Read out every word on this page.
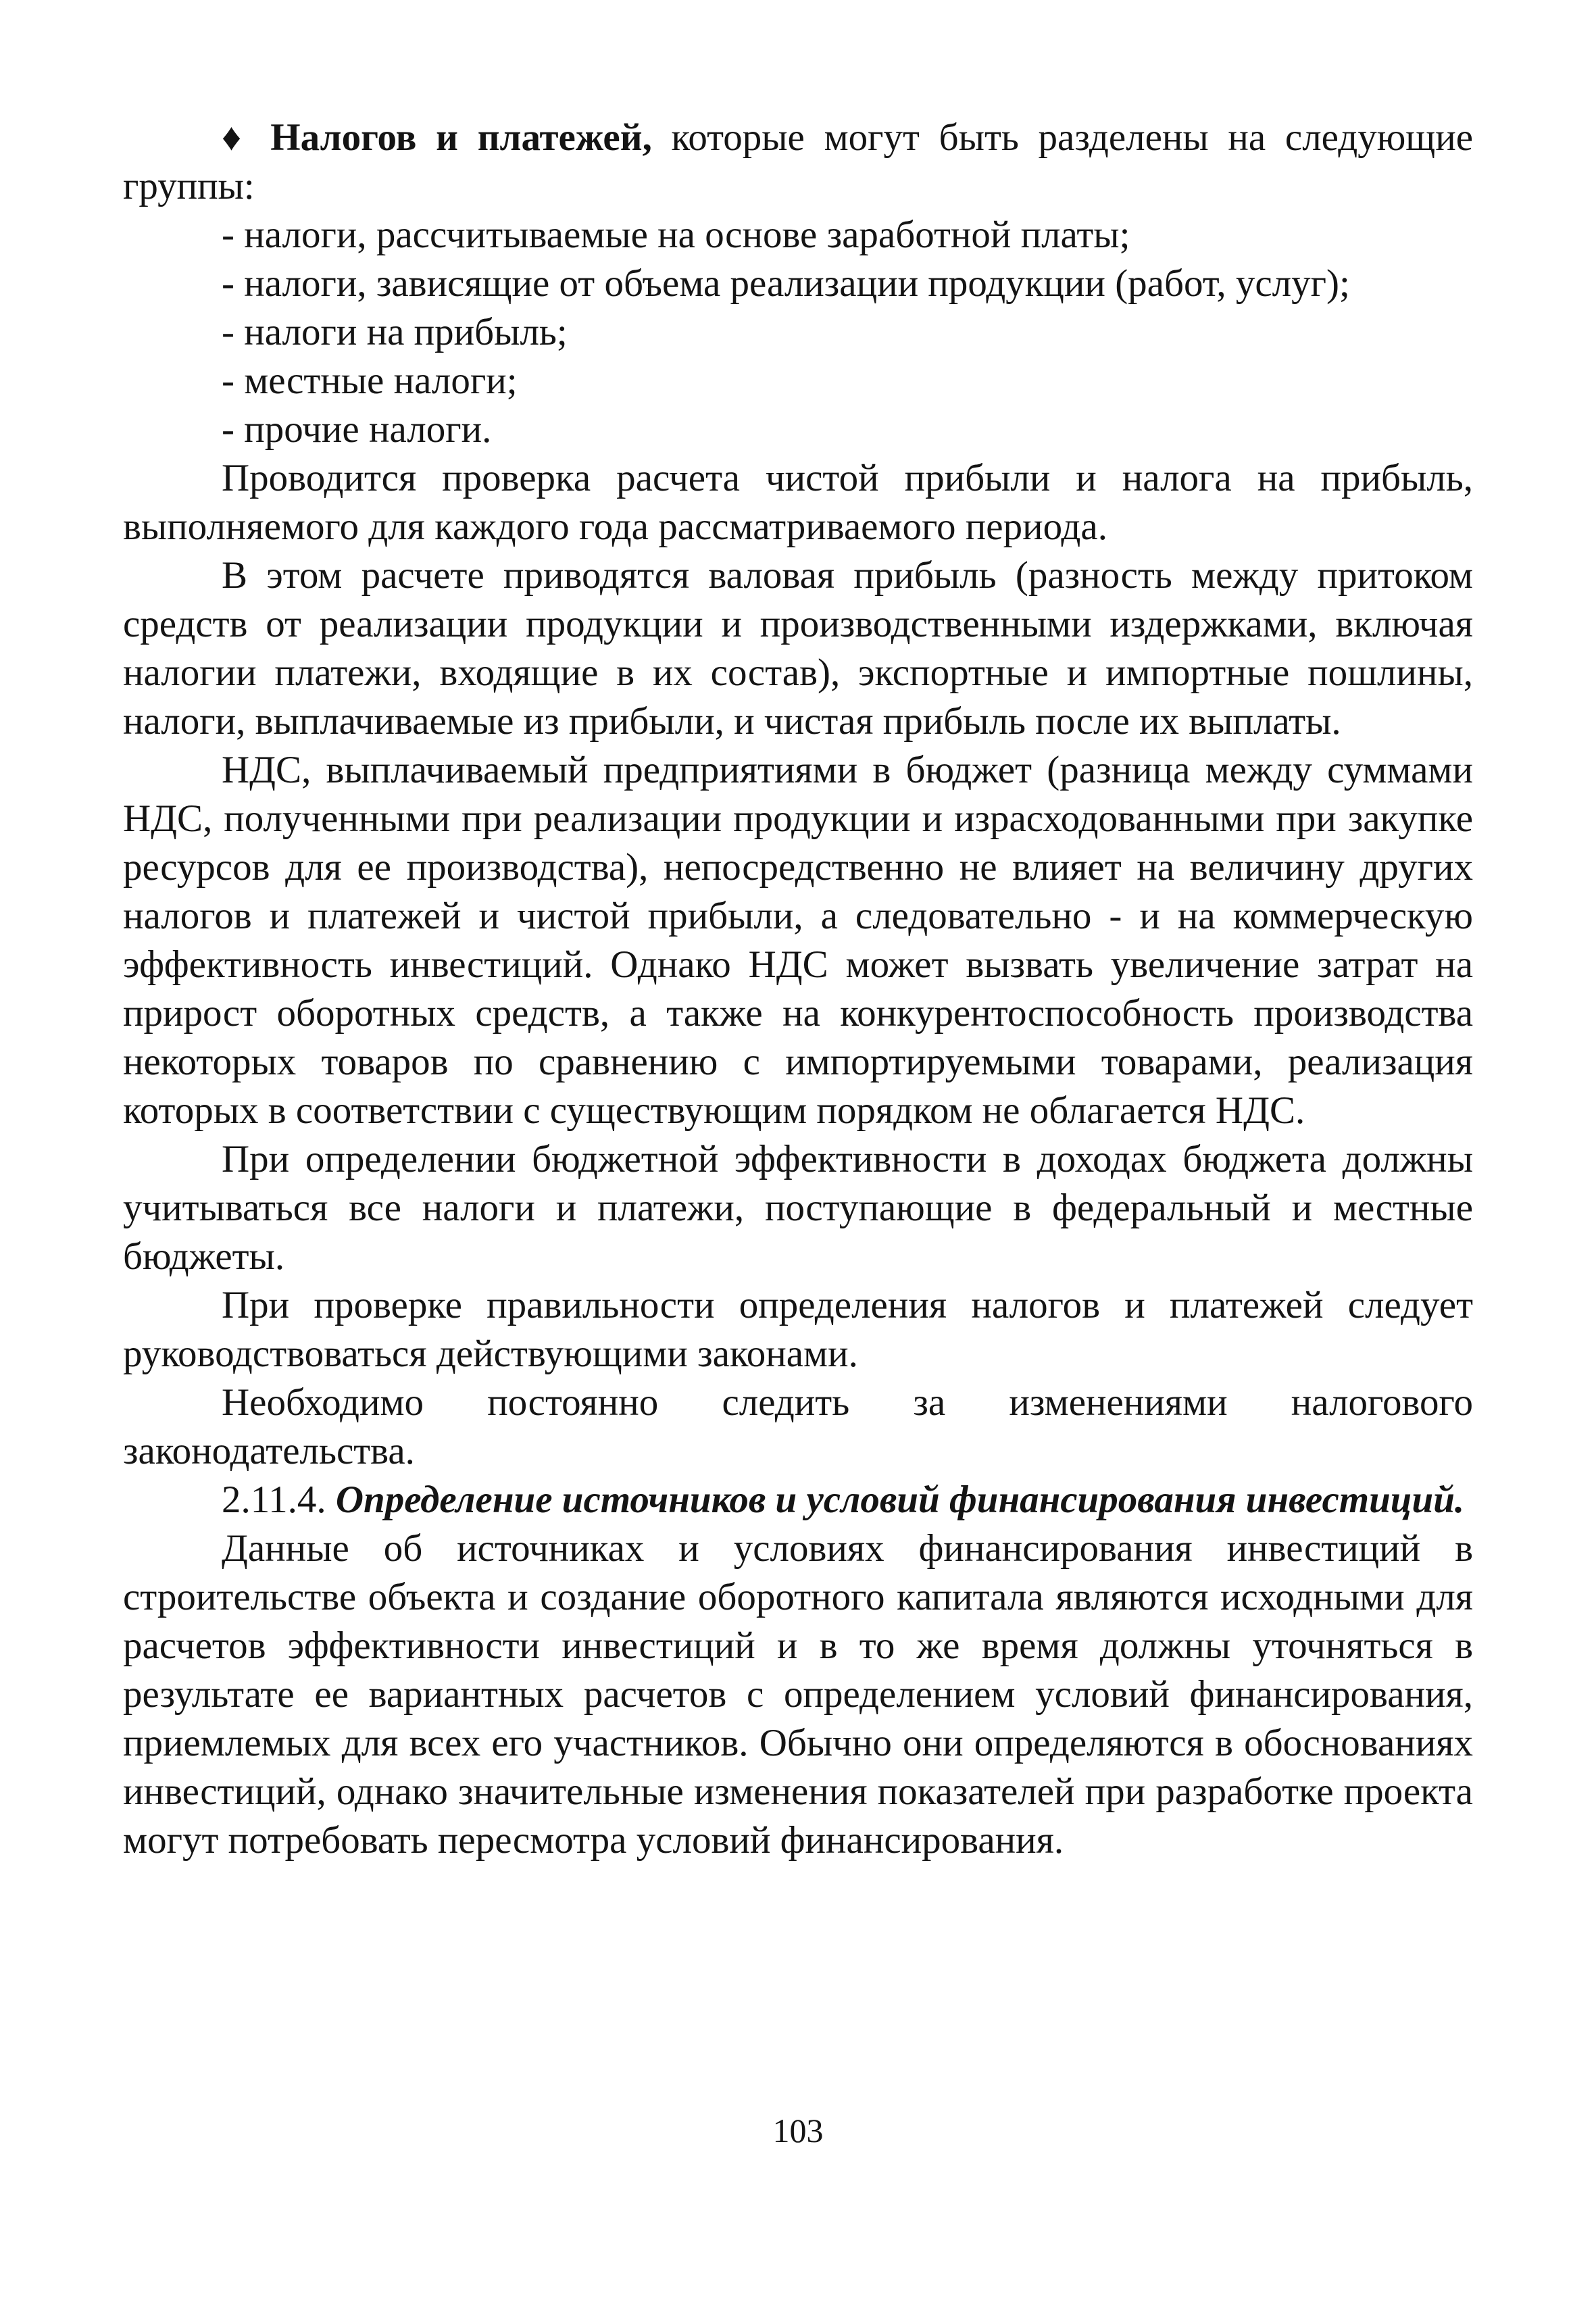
♦ Налогов и платежей, которые могут быть разделены на следующие группы:

- налоги, рассчитываемые на основе заработной платы;

- налоги, зависящие от объема реализации продукции (работ, услуг);

- налоги на прибыль;

- местные налоги;

- прочие налоги.

Проводится проверка расчета чистой прибыли и налога на прибыль, выполняемого для каждого года рассматриваемого периода.

В этом расчете приводятся валовая прибыль (разность между притоком средств от реализации продукции и производственными издержками, включая налогии платежи, входящие в их состав), экспортные и импортные пошлины, налоги, выплачиваемые из прибыли, и чистая прибыль после их выплаты.

НДС, выплачиваемый предприятиями в бюджет (разница между суммами НДС, полученными при реализации продукции и израсходованными при закупке ресурсов для ее производства), непосредственно не влияет на величину других налогов и платежей и чистой прибыли, а следовательно - и на коммерческую эффективность инвестиций. Однако НДС может вызвать увеличение затрат на прирост оборотных средств, а также на конкурентоспособность производства некоторых товаров по сравнению с импортируемыми товарами, реализация которых в соответствии с существующим порядком не облагается НДС.

При определении бюджетной эффективности в доходах бюджета должны учитываться все налоги и платежи, поступающие в федеральный и местные бюджеты.

При проверке правильности определения налогов и платежей следует руководствоваться действующими законами.

Необходимо постоянно следить за изменениями налогового законодательства.

2.11.4. Определение источников и условий финансирования инвестиций.

Данные об источниках и условиях финансирования инвестиций в строительстве объекта и создание оборотного капитала являются исходными для расчетов эффективности инвестиций и в то же время должны уточняться в результате ее вариантных расчетов с определением условий финансирования, приемлемых для всех его участников. Обычно они определяются в обоснованиях инвестиций, однако значительные изменения показателей при разработке проекта могут потребовать пересмотра условий финансирования.

103
